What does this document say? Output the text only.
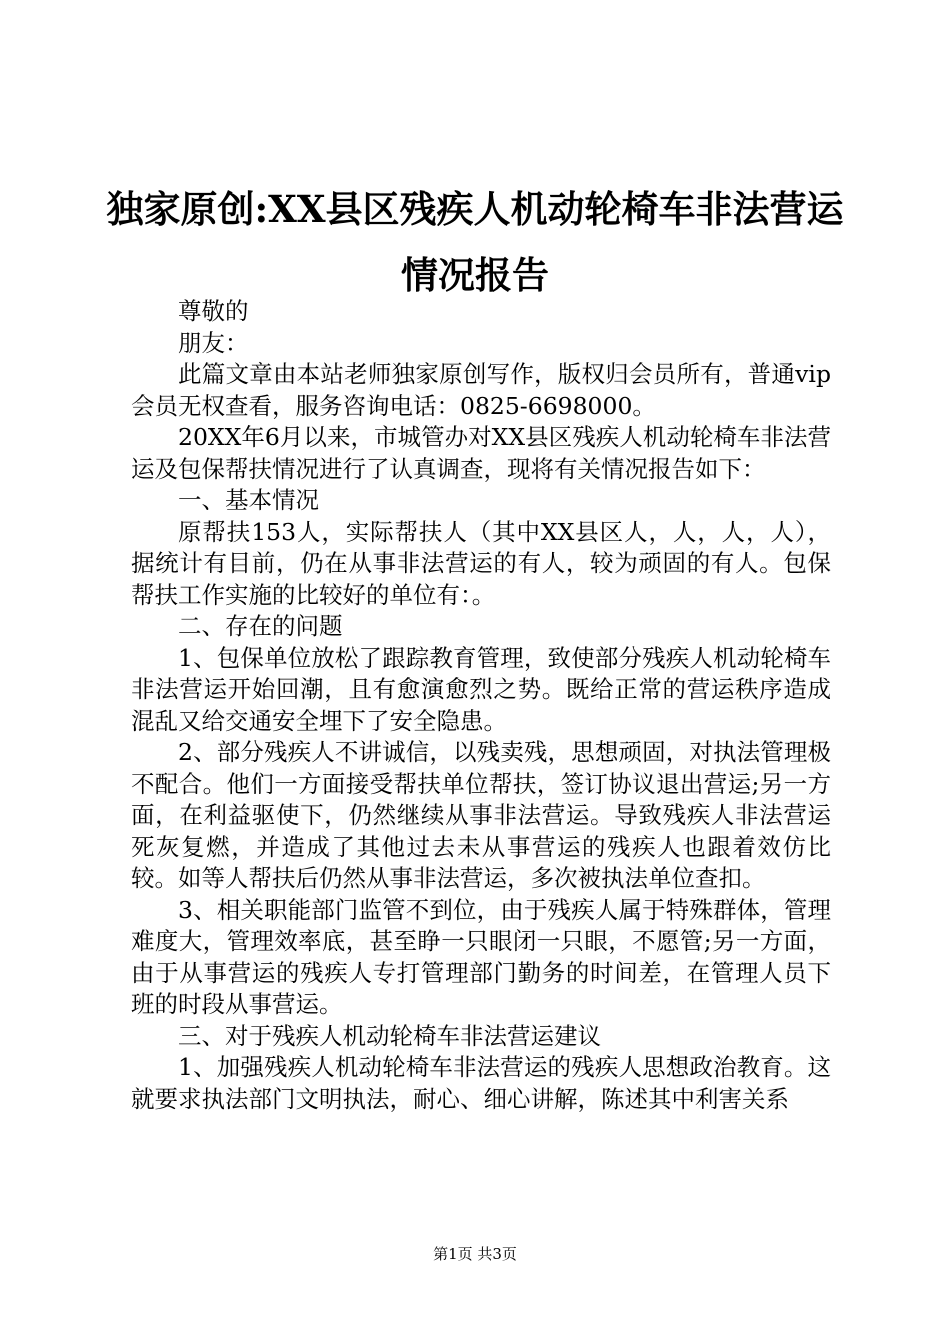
独家原创:XX县区残疾人机动轮椅车非法营运
情况报告

尊敬的

朋友：

此篇文章由本站老师独家原创写作，版权归会员所有，普通vip会员无权查看，服务咨询电话：0825-6698000。

20XX年6月以来，市城管办对XX县区残疾人机动轮椅车非法营运及包保帮扶情况进行了认真调查，现将有关情况报告如下：

一、基本情况

原帮扶153人，实际帮扶人（其中XX县区人，人，人，人），据统计有目前，仍在从事非法营运的有人，较为顽固的有人。包保帮扶工作实施的比较好的单位有：。

二、存在的问题

1、包保单位放松了跟踪教育管理，致使部分残疾人机动轮椅车非法营运开始回潮，且有愈演愈烈之势。既给正常的营运秩序造成混乱又给交通安全埋下了安全隐患。

2、部分残疾人不讲诚信，以残卖残，思想顽固，对执法管理极不配合。他们一方面接受帮扶单位帮扶，签订协议退出营运;另一方面，在利益驱使下，仍然继续从事非法营运。导致残疾人非法营运死灰复燃，并造成了其他过去未从事营运的残疾人也跟着效仿比较。如等人帮扶后仍然从事非法营运，多次被执法单位查扣。

3、相关职能部门监管不到位，由于残疾人属于特殊群体，管理难度大，管理效率底，甚至睁一只眼闭一只眼，不愿管;另一方面，由于从事营运的残疾人专打管理部门勤务的时间差，在管理人员下班的时段从事营运。

三、对于残疾人机动轮椅车非法营运建议

1、加强残疾人机动轮椅车非法营运的残疾人思想政治教育。这就要求执法部门文明执法，耐心、细心讲解，陈述其中利害关系

第1页 共3页
